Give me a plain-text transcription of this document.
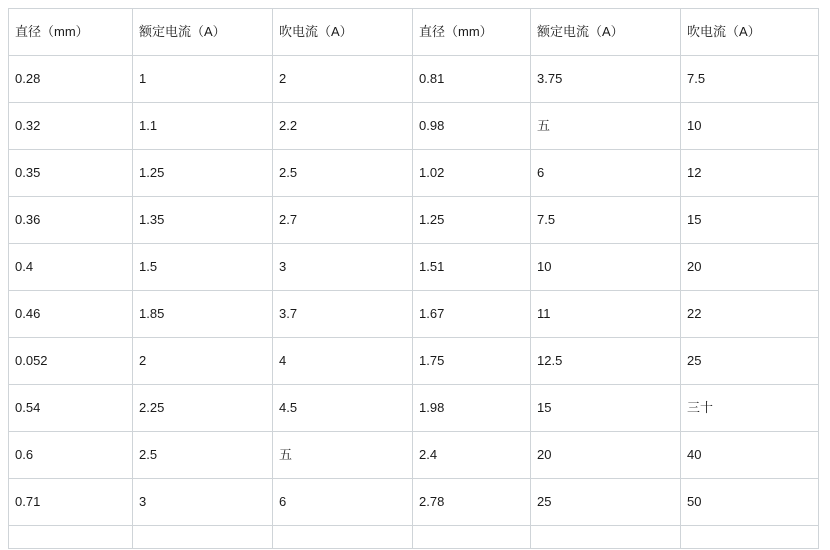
直径（mm）	额定电流（A）	吹电流（A）	直径（mm）	额定电流（A）	吹电流（A）
0.28	1	2	0.81	3.75	7.5
0.32	1.1	2.2	0.98	五	10
0.35	1.25	2.5	1.02	6	12
0.36	1.35	2.7	1.25	7.5	15
0.4	1.5	3	1.51	10	20
0.46	1.85	3.7	1.67	11	22
0.052	2	4	1.75	12.5	25
0.54	2.25	4.5	1.98	15	三十
0.6	2.5	五	2.4	20	40
0.71	3	6	2.78	25	50
